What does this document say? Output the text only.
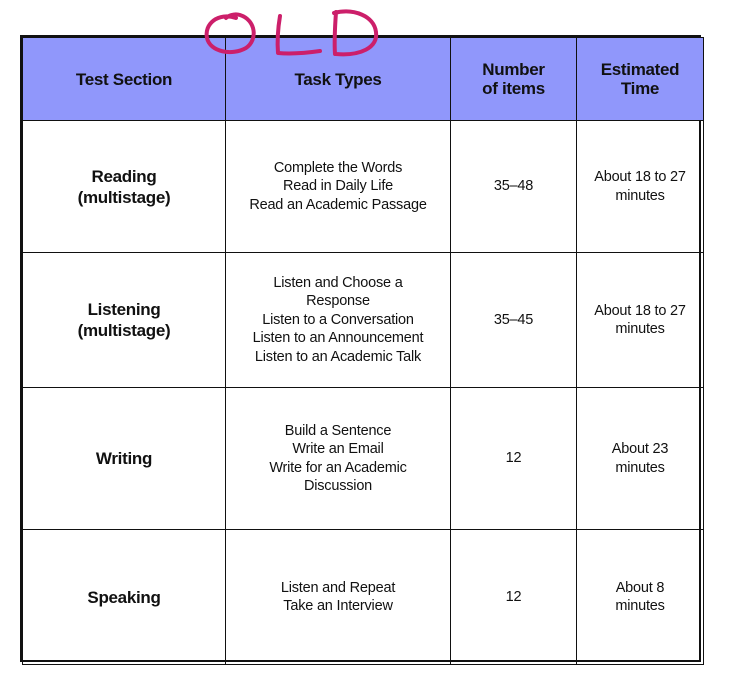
Test Section	Task Types	Number of items	Estimated Time

Reading
(multistage)	Complete the Words
Read in Daily Life
Read an Academic Passage	35–48	About 18 to 27
minutes

Listening
(multistage)	Listen and Choose a
Response
Listen to a Conversation
Listen to an Announcement
Listen to an Academic Talk	35–45	About 18 to 27
minutes

Writing	Build a Sentence
Write an Email
Write for an Academic
Discussion	12	About 23
minutes

Speaking	Listen and Repeat
Take an Interview	12	About 8
minutes
